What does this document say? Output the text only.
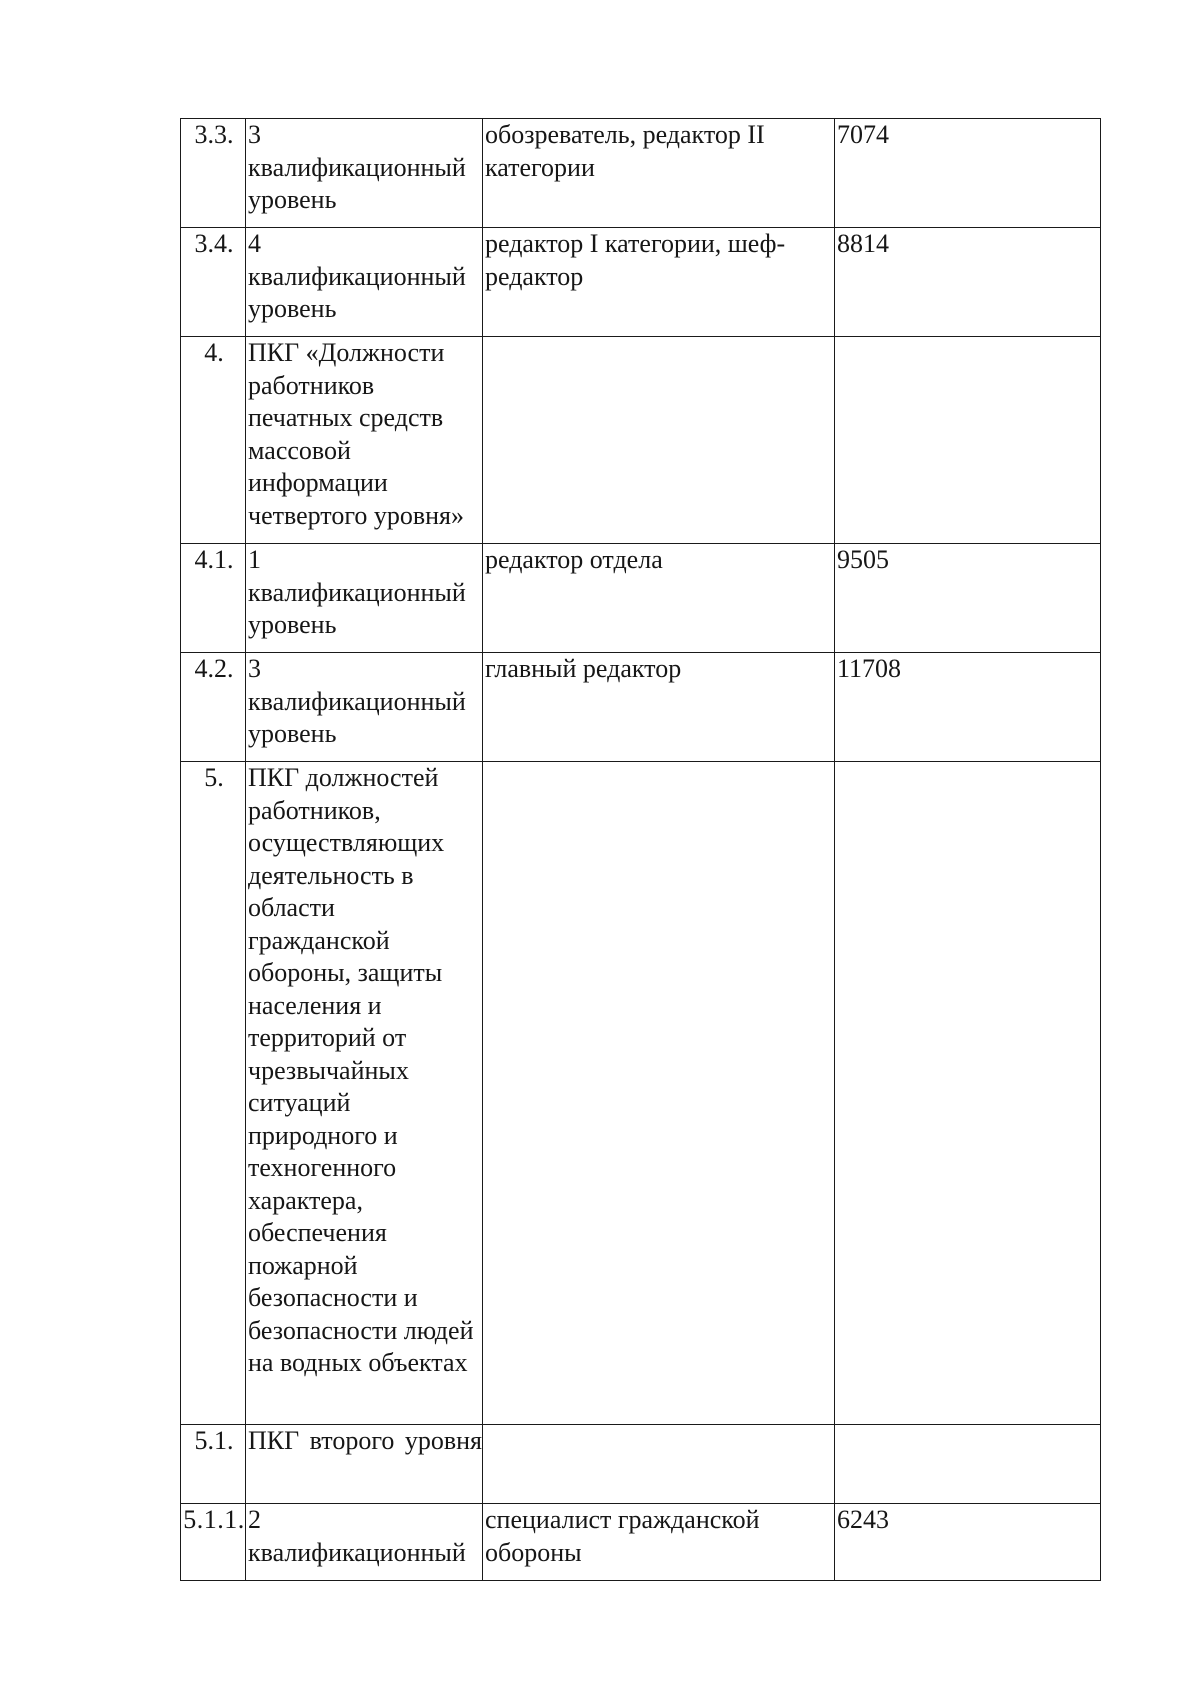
3.3.	3 квалификационный уровень	обозреватель, редактор II категории	7074
3.4.	4 квалификационный уровень	редактор I категории, шеф-редактор	8814
4.	ПКГ «Должности работников печатных средств массовой информации четвертого уровня»		

4.1.	1 квалификационный уровень	редактор отдела	9505
4.2.	3 квалификационный уровень	главный редактор	11708
5.	ПКГ должностей работников, осуществляющих деятельность в области гражданской обороны, защиты населения и территорий от чрезвычайных ситуаций природного и техногенного характера, обеспечения пожарной безопасности и безопасности людей на водных объектах		

5.1.	ПКГ второго уровня		

5.1.1.	2 квалификационный	специалист гражданской обороны	6243
